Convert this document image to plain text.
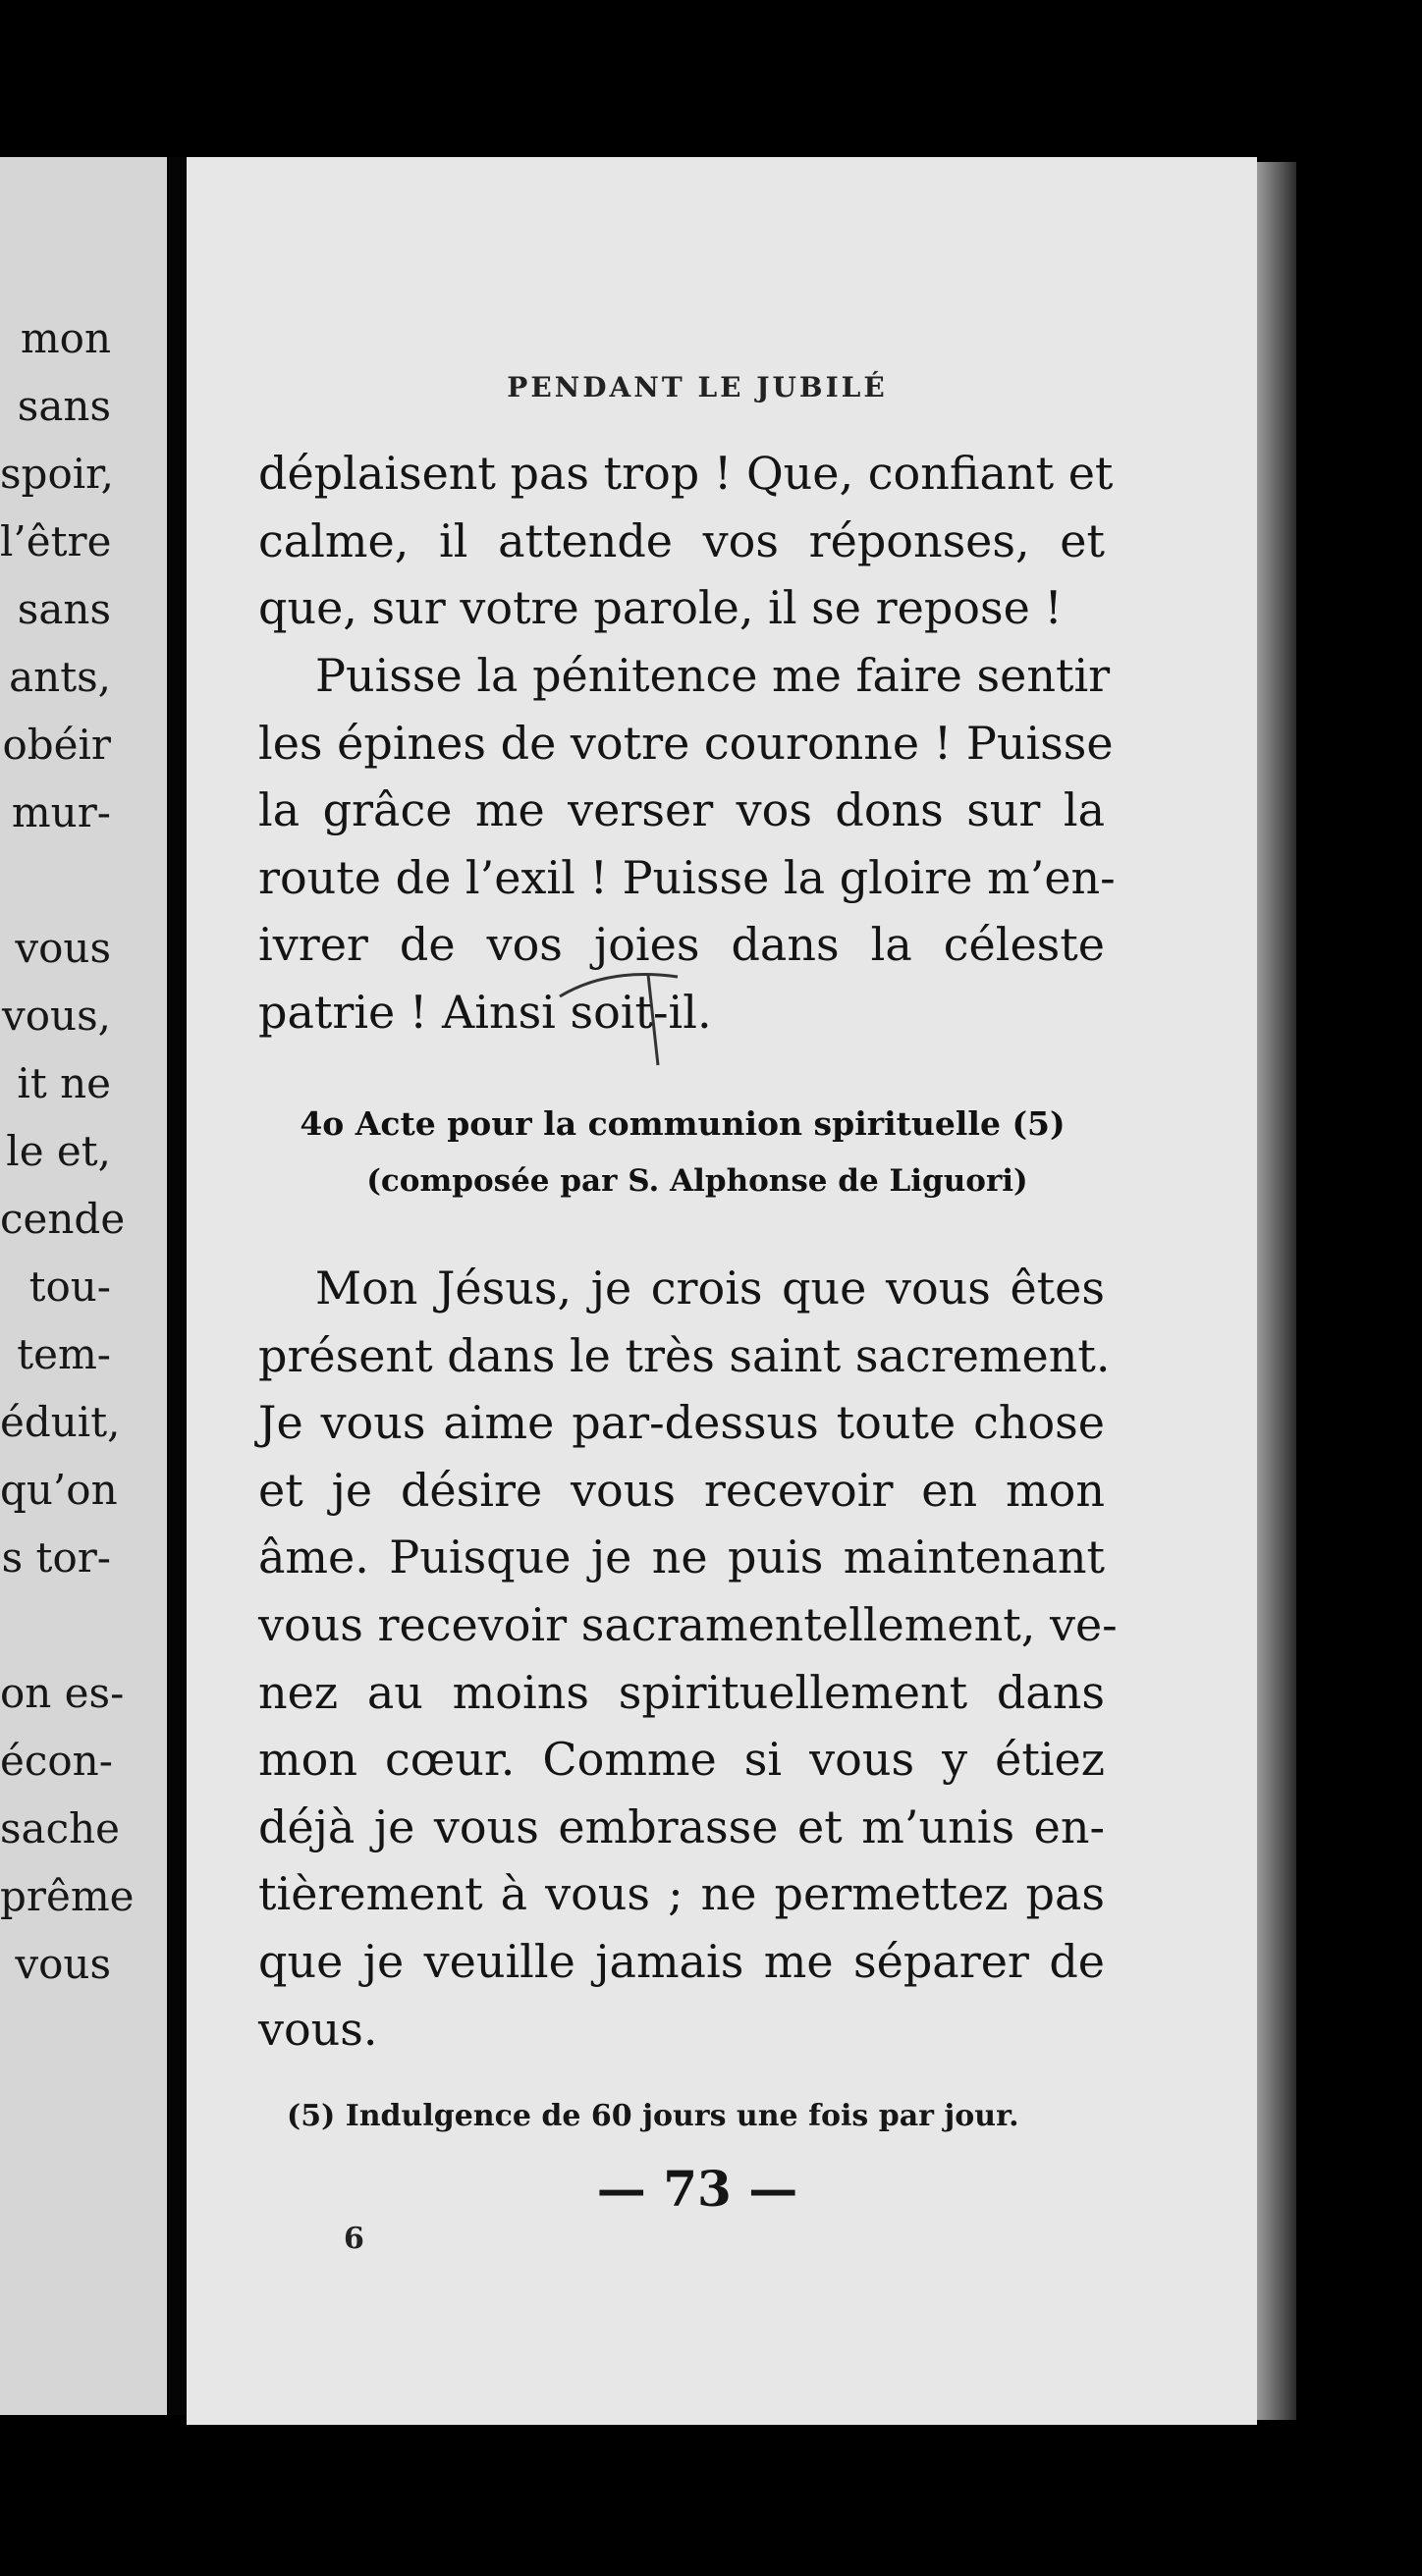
mon
sans
spoir,
l’être
sans
ants,
obéir
mur-
vous
vous,
it ne
le et,
cende
tou-
tem-
éduit,
qu’on
s tor-
on es-
écon-
sache
prême
vous
PENDANT LE JUBILÉ
déplaisent pas trop ! Que, confiant et
calme, il attende vos réponses, et
que, sur votre parole, il se repose !
Puisse la pénitence me faire sentir
les épines de votre couronne ! Puisse
la grâce me verser vos dons sur la
route de l’exil ! Puisse la gloire m’en-
ivrer de vos joies dans la céleste
patrie ! Ainsi soit-il.
4o Acte pour la communion spirituelle (5)
(composée par S. Alphonse de Liguori)
Mon Jésus, je crois que vous êtes
présent dans le très saint sacrement.
Je vous aime par-dessus toute chose
et je désire vous recevoir en mon
âme. Puisque je ne puis maintenant
vous recevoir sacramentellement, ve-
nez au moins spirituellement dans
mon cœur. Comme si vous y étiez
déjà je vous embrasse et m’unis en-
tièrement à vous ; ne permettez pas
que je veuille jamais me séparer de
vous.
(5) Indulgence de 60 jours une fois par jour.
— 73 —
6
